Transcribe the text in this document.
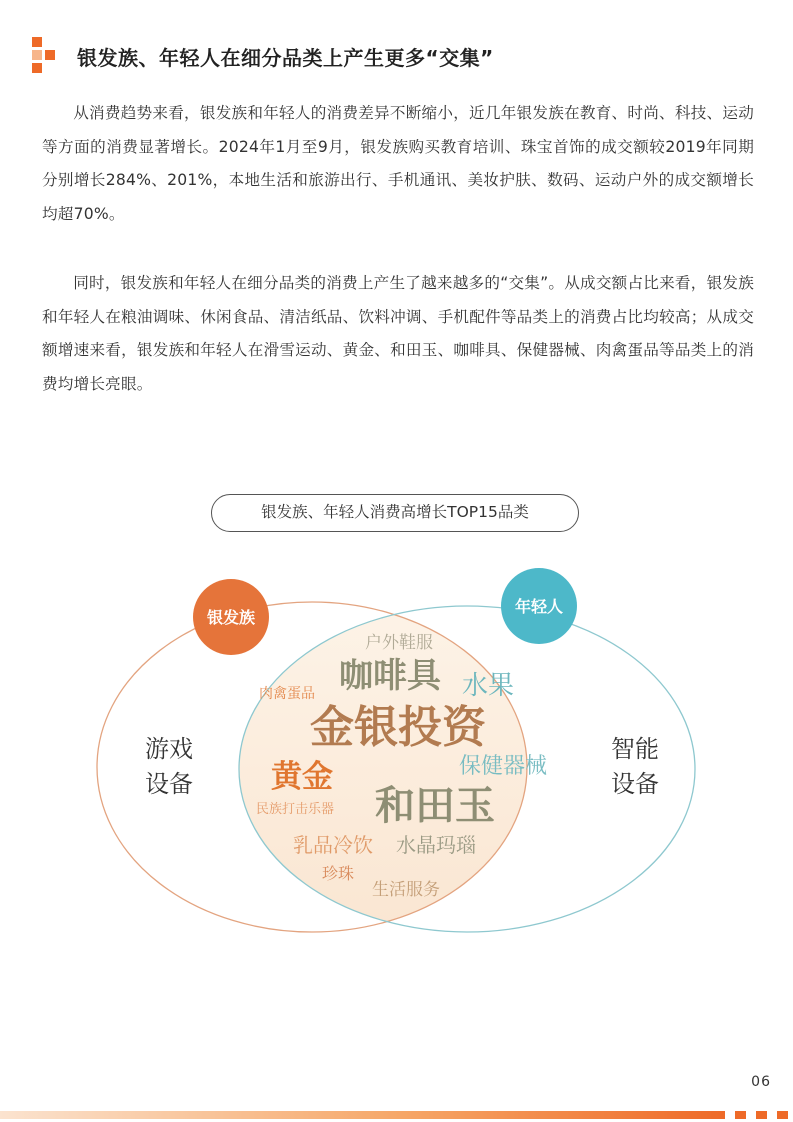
银发族、年轻人在细分品类上产生更多“交集”

从消费趋势来看，银发族和年轻人的消费差异不断缩小，近几年银发族在教育、时尚、科技、运动等方面的消费显著增长。2024年1月至9月，银发族购买教育培训、珠宝首饰的成交额较2019年同期分别增长284%、201%，本地生活和旅游出行、手机通讯、美妆护肤、数码、运动户外的成交额增长均超70%。

同时，银发族和年轻人在细分品类的消费上产生了越来越多的“交集”。从成交额占比来看，银发族和年轻人在粮油调味、休闲食品、清洁纸品、饮料冲调、手机配件等品类上的消费占比均较高；从成交额增速来看，银发族和年轻人在滑雪运动、黄金、和田玉、咖啡具、保健器械、肉禽蛋品等品类上的消费均增长亮眼。

银发族、年轻人消费高增长TOP15品类
银发族
年轻人
游戏
设备
智能
设备
户外鞋服
咖啡具 水果
肉禽蛋品
金银投资
保健器械
黄金
民族打击乐器 和田玉
乳品冷饮 水晶玛瑙
珍珠
生活服务
06
